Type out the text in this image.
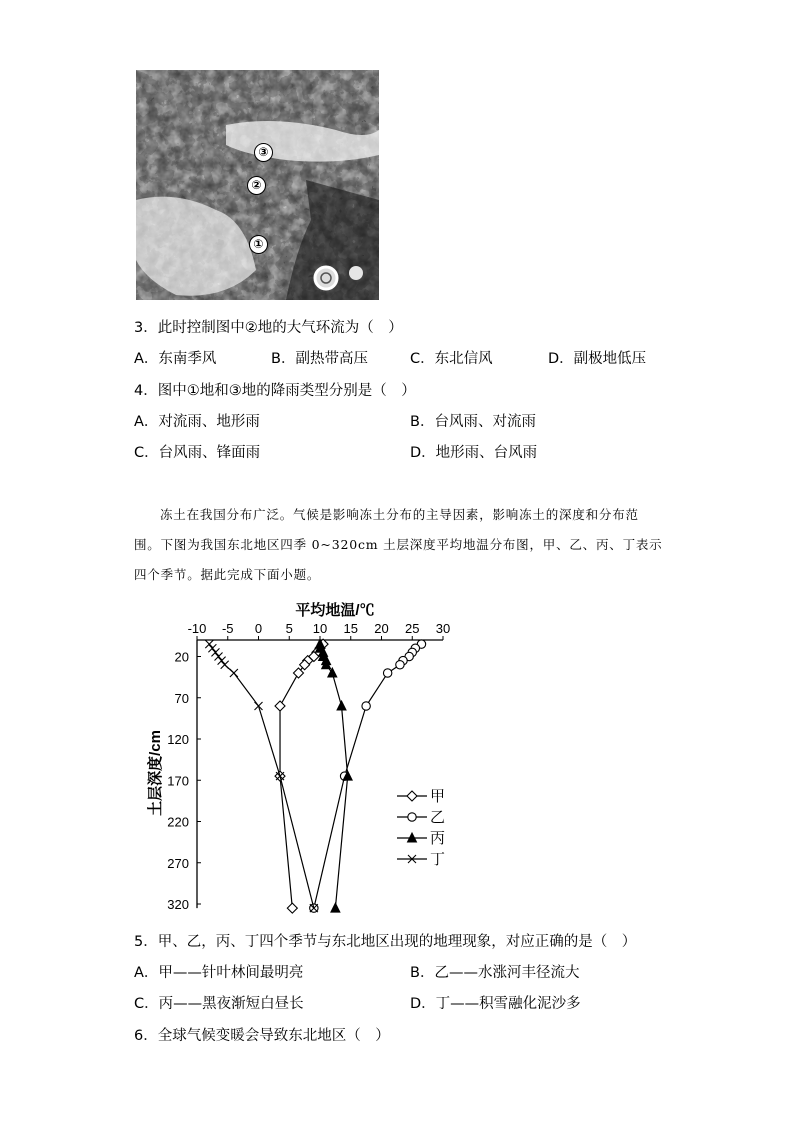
③
②
①
3．此时控制图中②地的大气环流为（　）
A．东南季风	B．副热带高压	C．东北信风	D．副极地低压
4．图中①地和③地的降雨类型分别是（　）
A．对流雨、地形雨	B．台风雨、对流雨
C．台风雨、锋面雨	D．地形雨、台风雨

冻土在我国分布广泛。气候是影响冻土分布的主导因素，影响冻土的深度和分布范

围。下图为我国东北地区四季 0~320cm 土层深度平均地温分布图，甲、乙、丙、丁表示

四个季节。据此完成下面小题。

-10 -5 0 5 10 15 20 25 30
平均地温/℃
20
70
120
170
220
270
320
土层深度/cm	甲
乙
丙
丁
5．甲、乙，丙、丁四个季节与东北地区出现的地理现象，对应正确的是（　）
A．甲——针叶林间最明亮	B．乙——水涨河丰径流大
C．丙——黑夜渐短白昼长	D．丁——积雪融化泥沙多
6．全球气候变暖会导致东北地区（　）
